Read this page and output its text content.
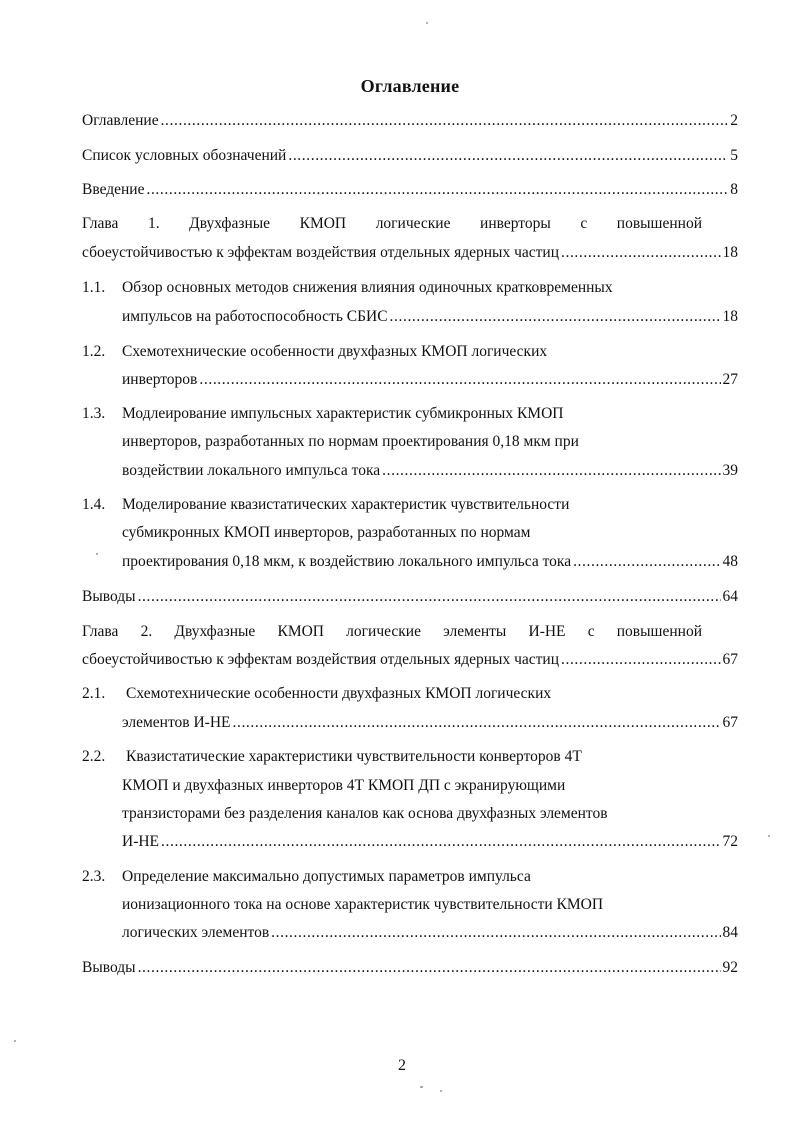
Оглавление
Оглавление .....	2
Список условных обозначений .....	5
Введение .....	8
Глава 1. Двухфазные КМОП логические инверторы с повышенной
сбоеустойчивостью к эффектам воздействия отдельных ядерных частиц .....	18
1.1. Обзор основных методов снижения влияния одиночных кратковременных
импульсов на работоспособность СБИС .....	18
1.2. Схемотехнические особенности двухфазных КМОП логических
инверторов .....	27
1.3. Модлеирование импульсных характеристик субмикронных КМОП
инверторов, разработанных по нормам проектирования 0,18 мкм при
воздействии локального импульса тока .....	39
1.4. Моделирование квазистатических характеристик чувствительности
субмикронных КМОП инверторов, разработанных по нормам
проектирования 0,18 мкм, к воздействию локального импульса тока .....	48
Выводы .....	64
Глава 2. Двухфазные КМОП логические элементы И-НЕ с повышенной
сбоеустойчивостью к эффектам воздействия отдельных ядерных частиц .....	67
2.1. Схемотехнические особенности двухфазных КМОП логических
элементов И-НЕ .....	67
2.2. Квазистатические характеристики чувствительности конверторов 4Т
КМОП и двухфазных инверторов 4Т КМОП ДП с экранирующими
транзисторами без разделения каналов как основа двухфазных элементов
И-НЕ .....	72
2.3. Определение максимально допустимых параметров импульса
ионизационного тока на основе характеристик чувствительности КМОП
логических элементов .....	84
Выводы .....	92
2
